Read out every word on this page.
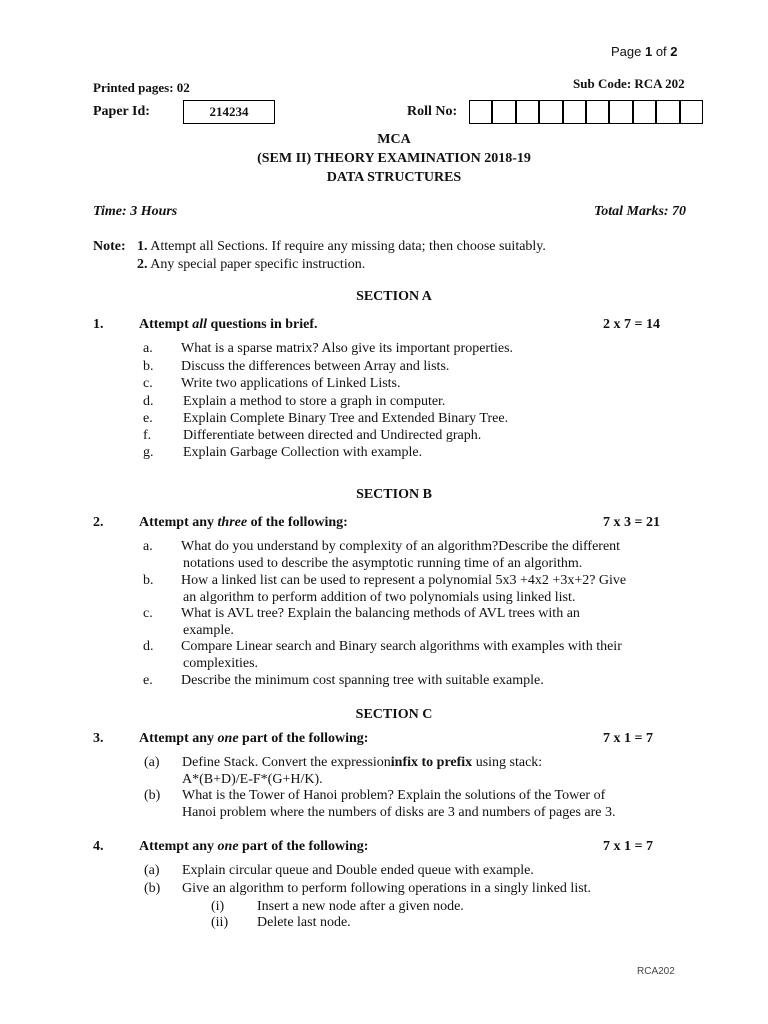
Page 1 of 2
Printed pages: 02	Sub Code: RCA 202
Paper Id:	214234	Roll No:
MCA
(SEM II) THEORY EXAMINATION 2018-19
DATA STRUCTURES
Time: 3 Hours	Total Marks: 70
Note: 1. Attempt all Sections. If require any missing data; then choose suitably.
2. Any special paper specific instruction.
SECTION A
1.	Attempt all questions in brief.	2 x 7 = 14
a. What is a sparse matrix? Also give its important properties.
b. Discuss the differences between Array and lists.
c. Write two applications of Linked Lists.
d. Explain a method to store a graph in computer.
e. Explain Complete Binary Tree and Extended Binary Tree.
f. Differentiate between directed and Undirected graph.
g. Explain Garbage Collection with example.
SECTION B
2.	Attempt any three of the following:	7 x 3 = 21
a. What do you understand by complexity of an algorithm?Describe the different
notations used to describe the asymptotic running time of an algorithm.
b. How a linked list can be used to represent a polynomial 5x3 +4x2 +3x+2? Give
an algorithm to perform addition of two polynomials using linked list.
c. What is AVL tree? Explain the balancing methods of AVL trees with an
example.
d. Compare Linear search and Binary search algorithms with examples with their
complexities.
e. Describe the minimum cost spanning tree with suitable example.
SECTION C
3.	Attempt any one part of the following:	7 x 1 = 7
(a) Define Stack. Convert the expressioninfix to prefix using stack:
A*(B+D)/E-F*(G+H/K).
(b) What is the Tower of Hanoi problem? Explain the solutions of the Tower of
Hanoi problem where the numbers of disks are 3 and numbers of pages are 3.
4.	Attempt any one part of the following:	7 x 1 = 7
(a) Explain circular queue and Double ended queue with example.
(b) Give an algorithm to perform following operations in a singly linked list.
(i) Insert a new node after a given node.
(ii) Delete last node.
RCA202
